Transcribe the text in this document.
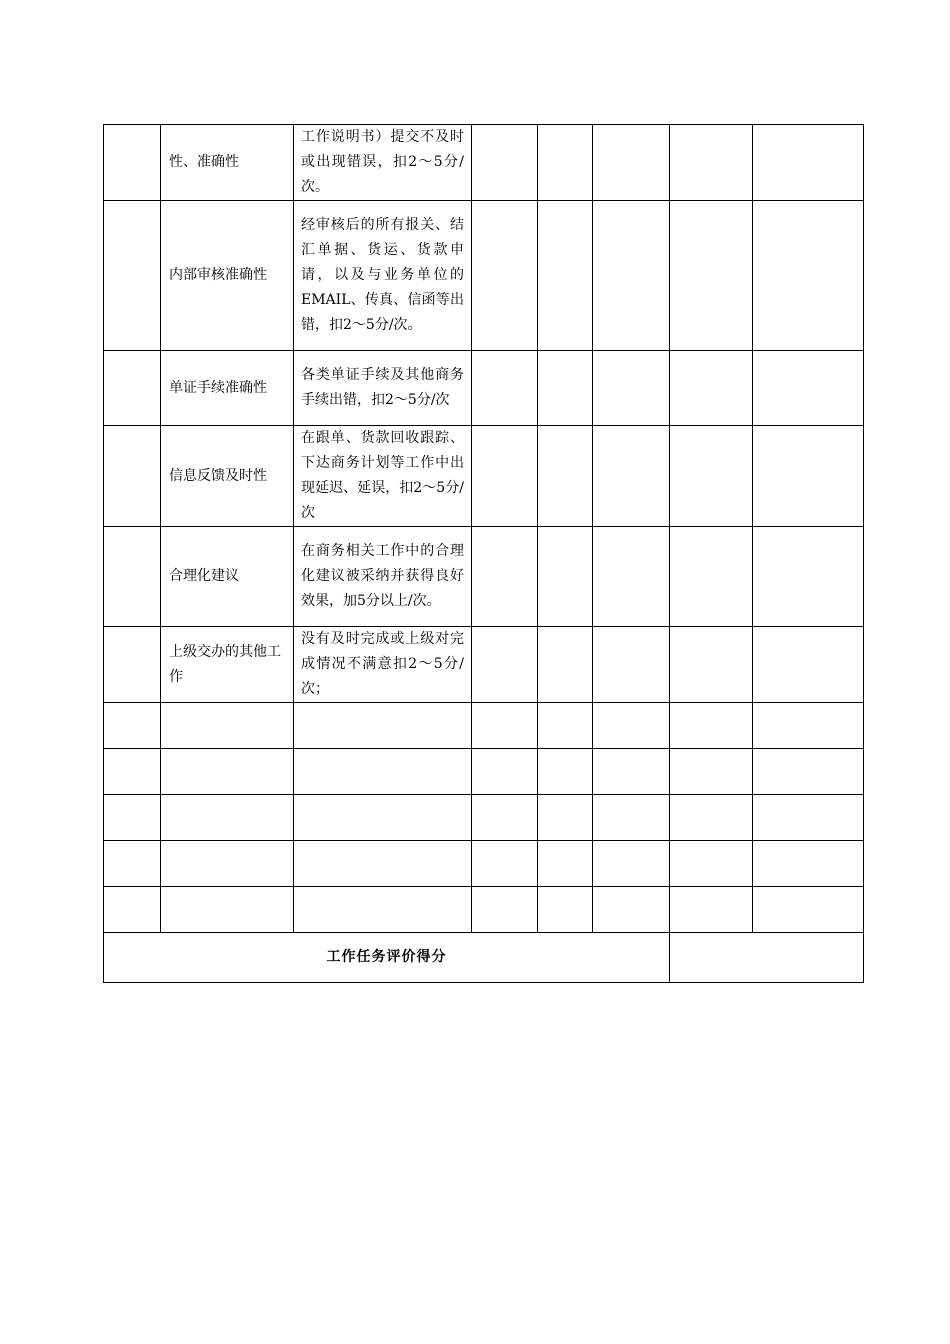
	性、准确性	工作说明书）提交不及时或出现错误，扣2～5分/次。					
	内部审核准确性	经审核后的所有报关、结汇单据、货运、货款申请，以及与业务单位的EMAIL、传真、信函等出错，扣2～5分/次。					
	单证手续准确性	各类单证手续及其他商务手续出错，扣2～5分/次					
	信息反馈及时性	在跟单、货款回收跟踪、下达商务计划等工作中出现延迟、延误，扣2～5分/次					
	合理化建议	在商务相关工作中的合理化建议被采纳并获得良好效果，加5分以上/次。					
	上级交办的其他工作	没有及时完成或上级对完成情况不满意扣2～5分/次；					

工作任务评价得分							
